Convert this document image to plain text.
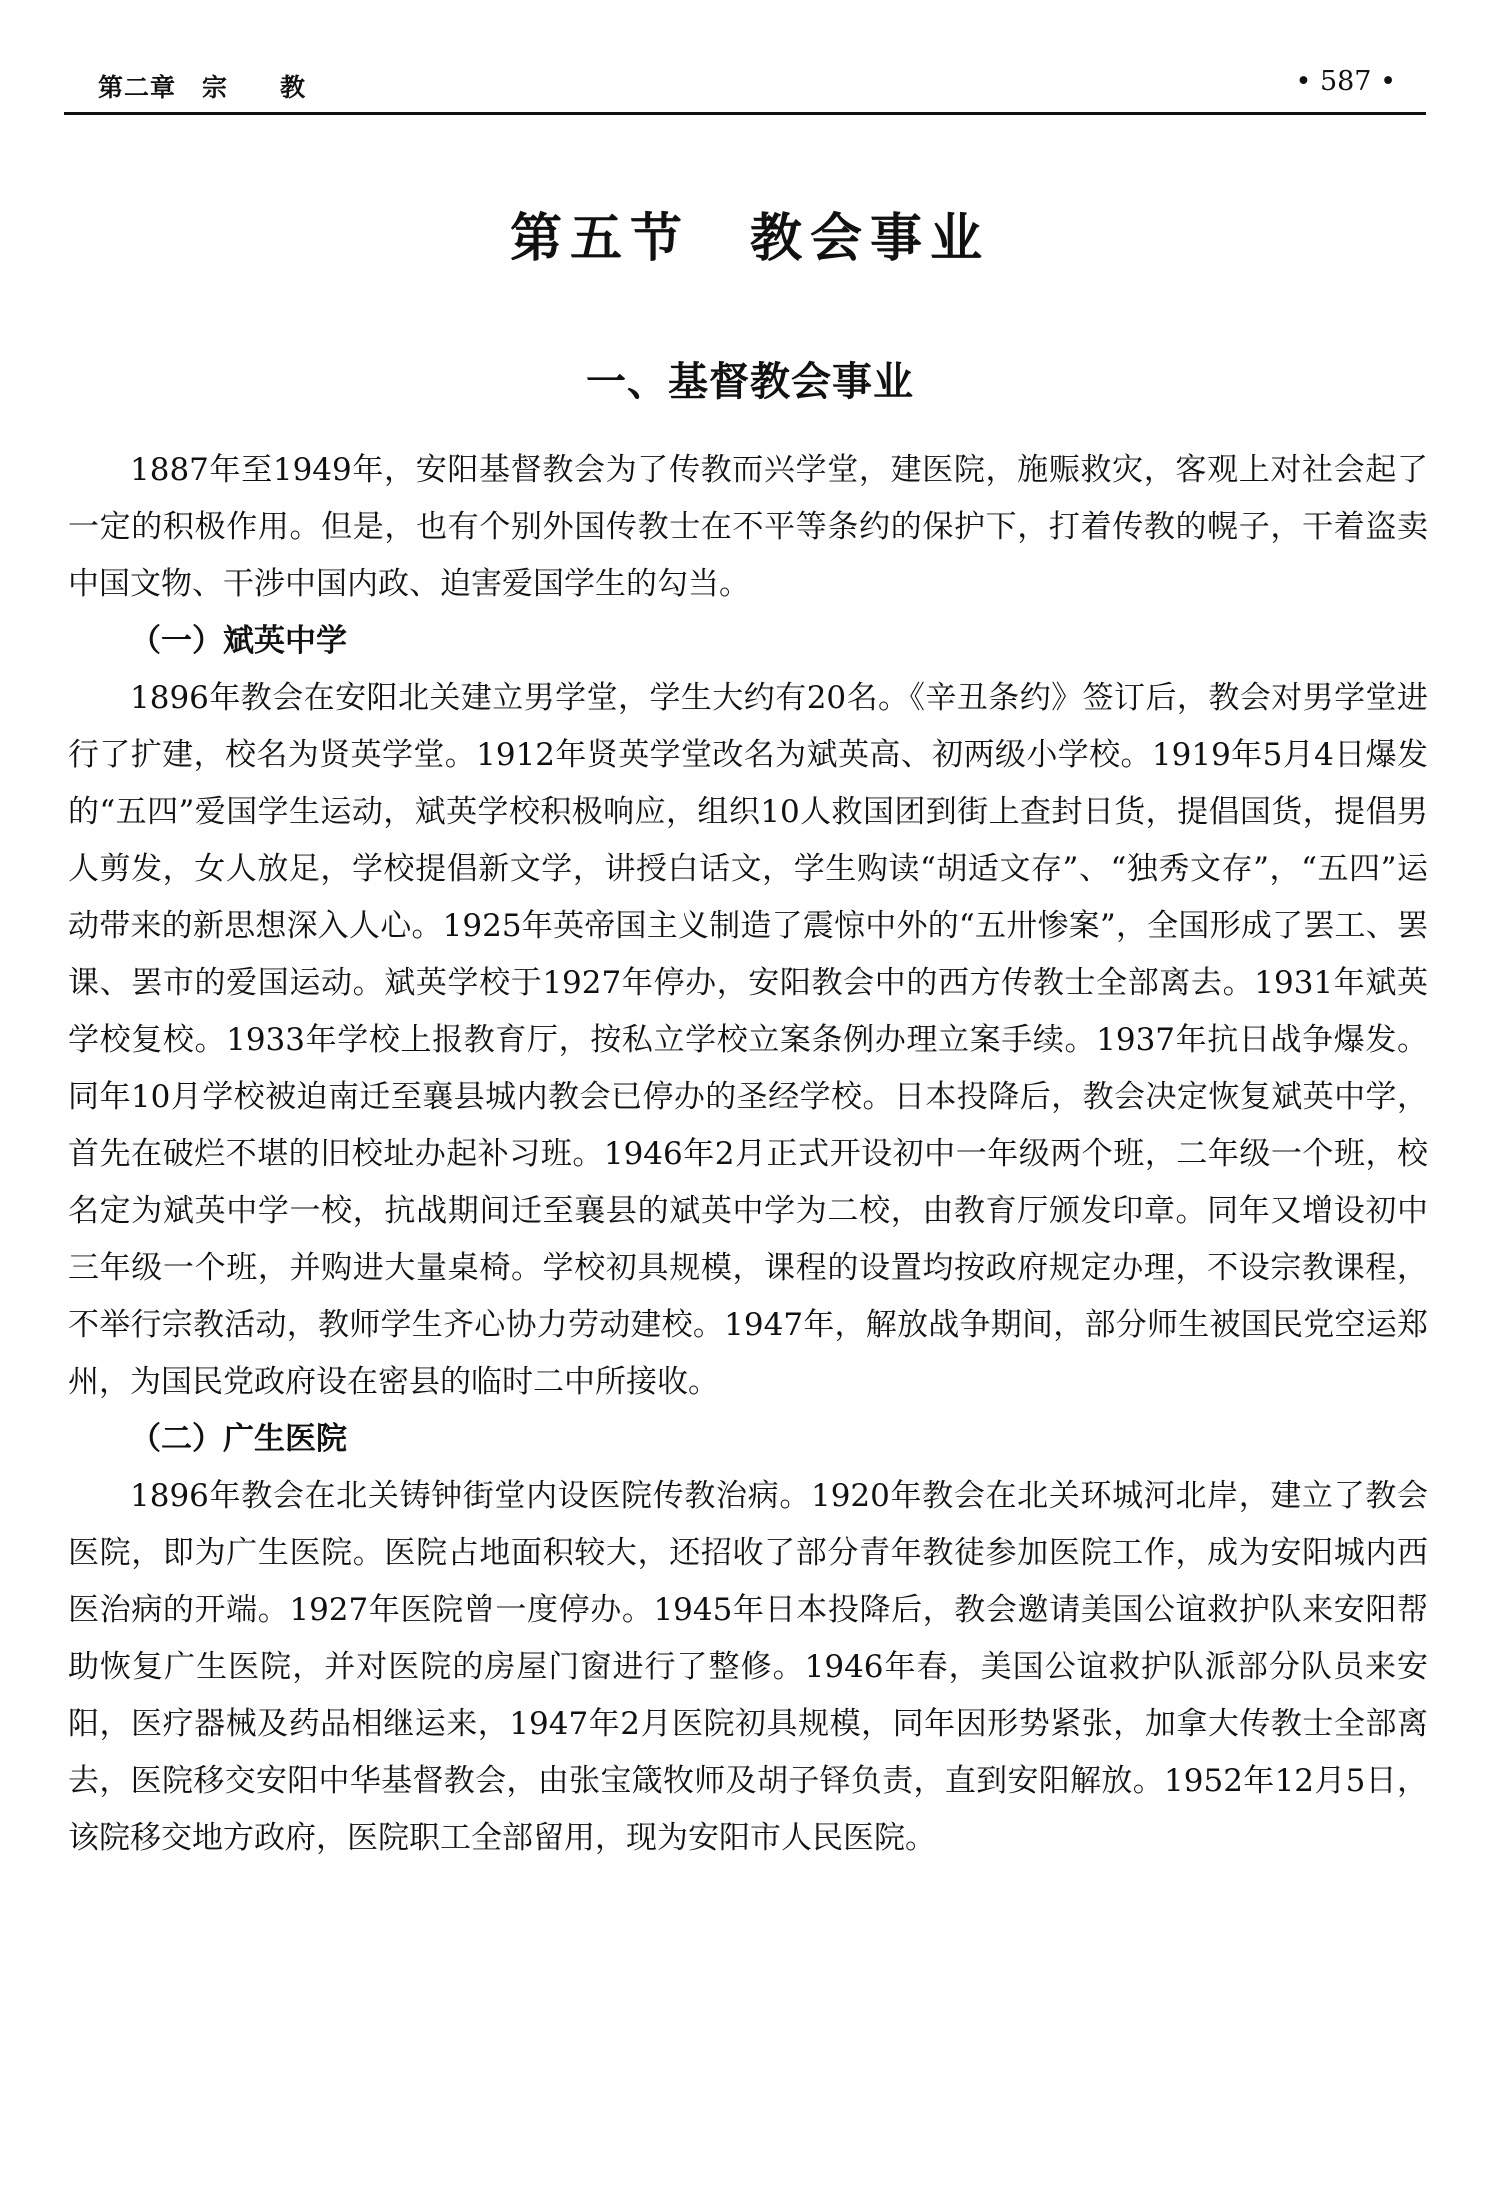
第二章　宗　　教	• 587 •
第五节　教会事业
一、基督教会事业

1887年至1949年，安阳基督教会为了传教而兴学堂，建医院，施赈救灾，客观上对社会起了一定的积极作用。但是，也有个别外国传教士在不平等条约的保护下，打着传教的幌子，干着盗卖中国文物、干涉中国内政、迫害爱国学生的勾当。

（一）斌英中学

1896年教会在安阳北关建立男学堂，学生大约有20名。《辛丑条约》签订后，教会对男学堂进行了扩建，校名为贤英学堂。1912年贤英学堂改名为斌英高、初两级小学校。1919年5月4日爆发的“五四”爱国学生运动，斌英学校积极响应，组织10人救国团到街上查封日货，提倡国货，提倡男人剪发，女人放足，学校提倡新文学，讲授白话文，学生购读“胡适文存”、“独秀文存”，“五四”运动带来的新思想深入人心。1925年英帝国主义制造了震惊中外的“五卅惨案”，全国形成了罢工、罢课、罢市的爱国运动。斌英学校于1927年停办，安阳教会中的西方传教士全部离去。1931年斌英学校复校。1933年学校上报教育厅，按私立学校立案条例办理立案手续。1937年抗日战争爆发。同年10月学校被迫南迁至襄县城内教会已停办的圣经学校。日本投降后，教会决定恢复斌英中学，首先在破烂不堪的旧校址办起补习班。1946年2月正式开设初中一年级两个班，二年级一个班，校名定为斌英中学一校，抗战期间迁至襄县的斌英中学为二校，由教育厅颁发印章。同年又增设初中三年级一个班，并购进大量桌椅。学校初具规模，课程的设置均按政府规定办理，不设宗教课程，不举行宗教活动，教师学生齐心协力劳动建校。1947年，解放战争期间，部分师生被国民党空运郑州，为国民党政府设在密县的临时二中所接收。

（二）广生医院

1896年教会在北关铸钟街堂内设医院传教治病。1920年教会在北关环城河北岸，建立了教会医院，即为广生医院。医院占地面积较大，还招收了部分青年教徒参加医院工作，成为安阳城内西医治病的开端。1927年医院曾一度停办。1945年日本投降后，教会邀请美国公谊救护队来安阳帮助恢复广生医院，并对医院的房屋门窗进行了整修。1946年春，美国公谊救护队派部分队员来安阳，医疗器械及药品相继运来，1947年2月医院初具规模，同年因形势紧张，加拿大传教士全部离去，医院移交安阳中华基督教会，由张宝箴牧师及胡子铎负责，直到安阳解放。1952年12月5日，该院移交地方政府，医院职工全部留用，现为安阳市人民医院。
